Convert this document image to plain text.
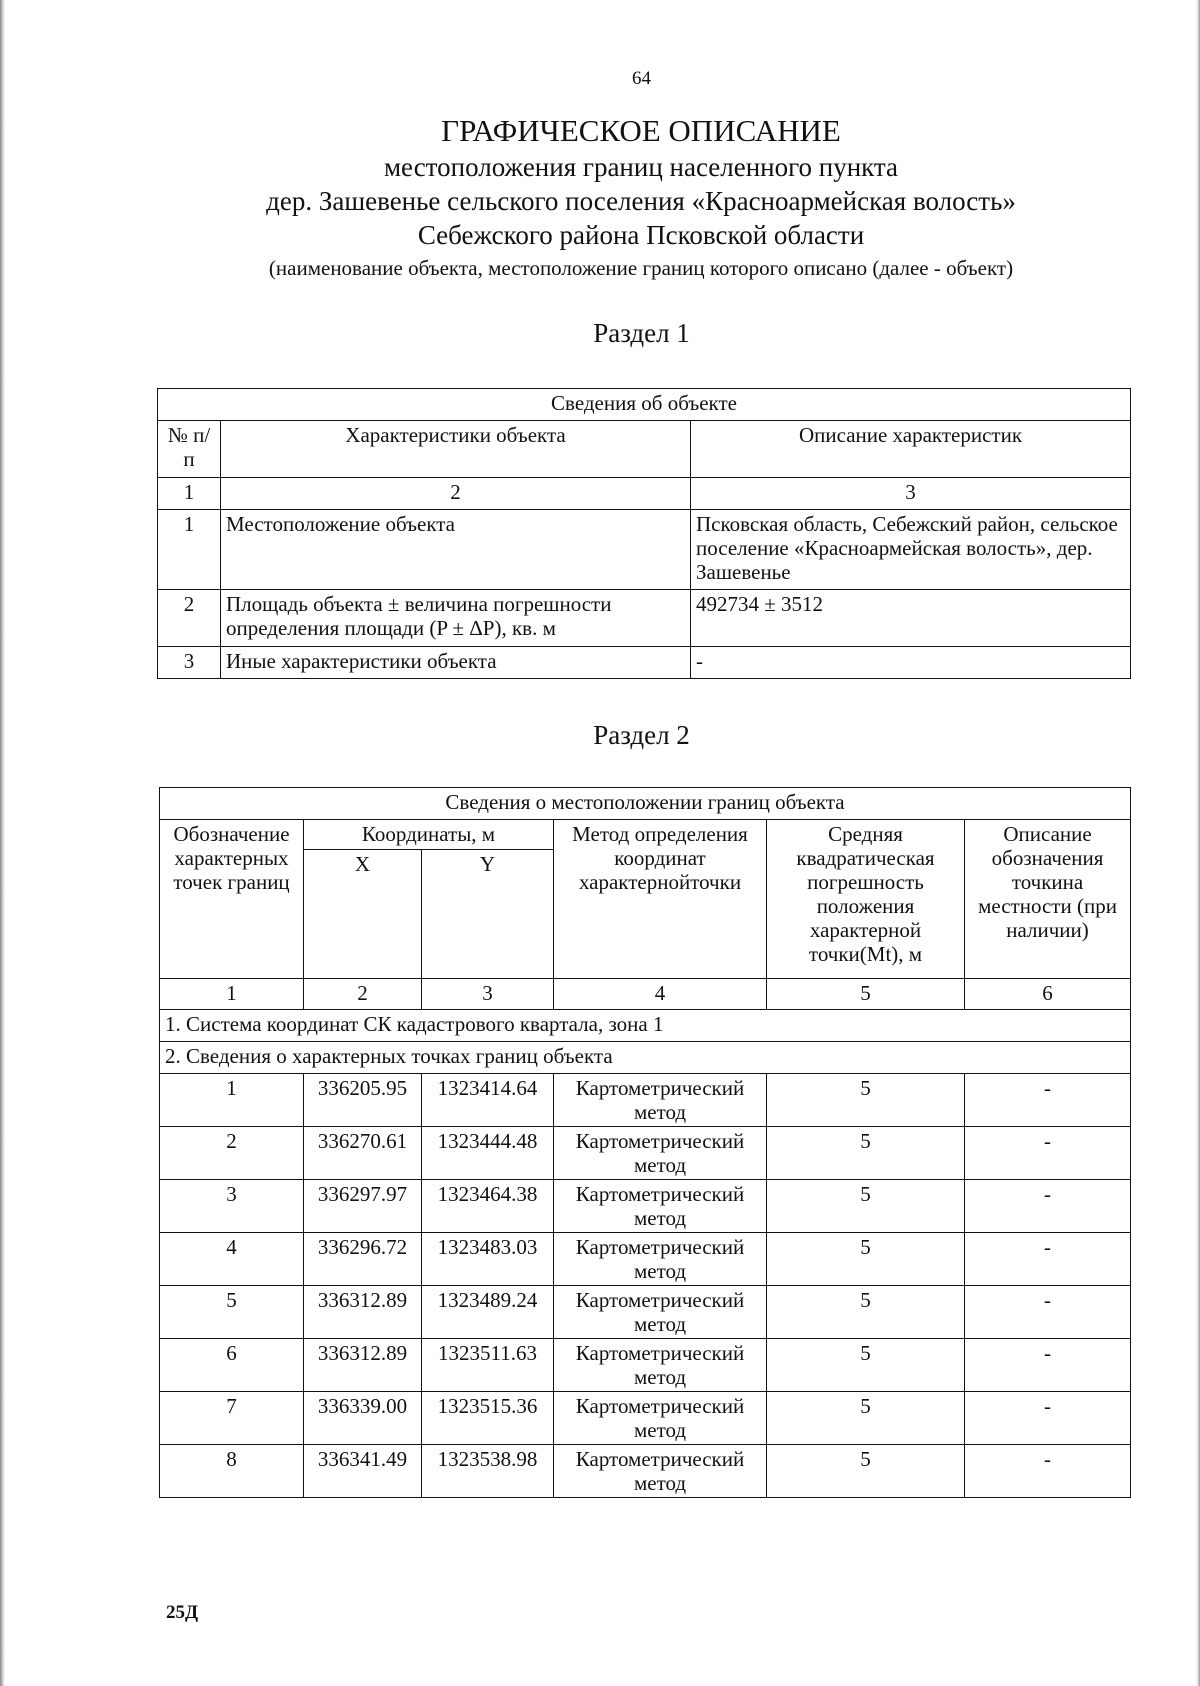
64
ГРАФИЧЕСКОЕ ОПИСАНИЕ
местоположения границ населенного пункта
дер. Зашевенье сельского поселения «Красноармейская волость»
Себежского района Псковской области
(наименование объекта, местоположение границ которого описано (далее - объект)
Раздел 1
Сведения об объекте		
№ п/п	Характеристики объекта	Описание характеристик
1	2	3
1	Местоположение объекта	Псковская область, Себежский район, сельское поселение «Красноармейская волость», дер. Зашевенье
2	Площадь объекта ± величина погрешности определения площади (P ± ΔP), кв. м	492734 ± 3512
3	Иные характеристики объекта	-
Раздел 2
Сведения о местоположении границ объекта					
Обозначение характерных точек границ	Координаты, м		Метод определения координат характернойточки	Средняя квадратическая погрешность положения характерной точки(Mt), м	Описание обозначения точкина местности (при наличии)
	X	Y			
1	2	3	4	5	6
1. Система координат СК кадастрового квартала, зона 1					
2. Сведения о характерных точках границ объекта					
1	336205.95	1323414.64	Картометрический метод	5	-
2	336270.61	1323444.48	Картометрический метод	5	-
3	336297.97	1323464.38	Картометрический метод	5	-
4	336296.72	1323483.03	Картометрический метод	5	-
5	336312.89	1323489.24	Картометрический метод	5	-
6	336312.89	1323511.63	Картометрический метод	5	-
7	336339.00	1323515.36	Картометрический метод	5	-
8	336341.49	1323538.98	Картометрический метод	5	-
25Д
